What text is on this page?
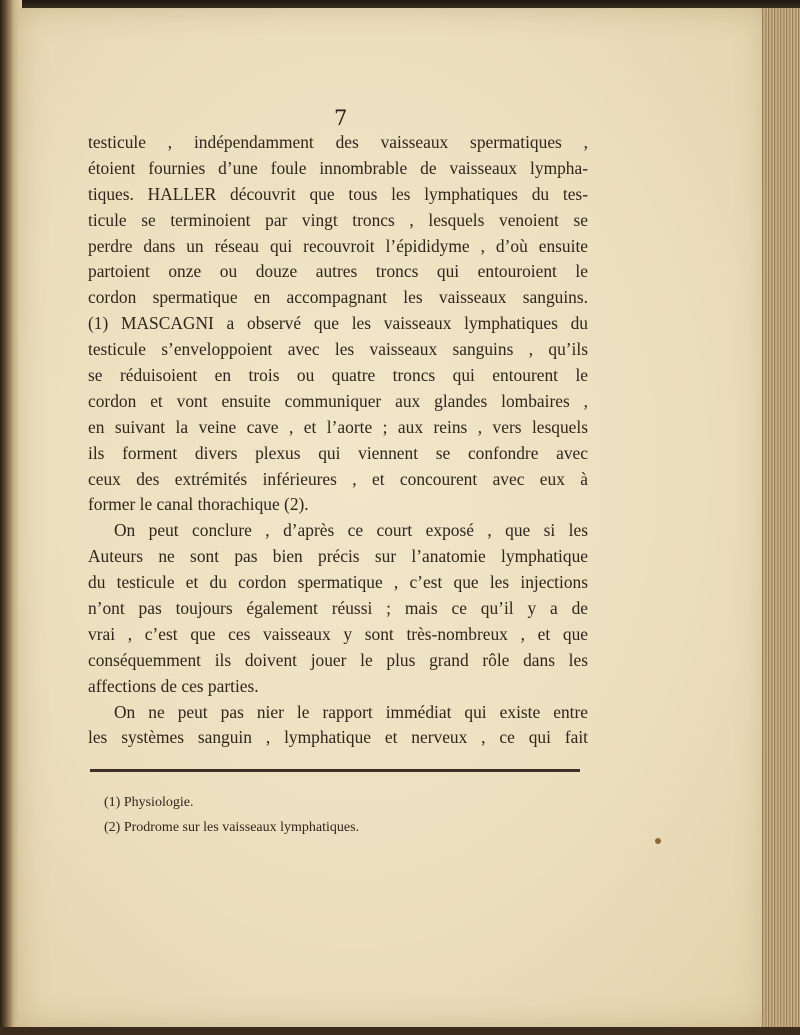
7
testicule , indépendamment des vaisseaux spermatiques ,
étoient fournies d’une foule innombrable de vaisseaux lympha-
tiques. HALLER découvrit que tous les lymphatiques du tes-
ticule se terminoient par vingt troncs , lesquels venoient se
perdre dans un réseau qui recouvroit l’épididyme , d’où ensuite
partoient onze ou douze autres troncs qui entouroient le
cordon spermatique en accompagnant les vaisseaux sanguins.
(1) MASCAGNI a observé que les vaisseaux lymphatiques du
testicule s’enveloppoient avec les vaisseaux sanguins , qu’ils
se réduisoient en trois ou quatre troncs qui entourent le
cordon et vont ensuite communiquer aux glandes lombaires ,
en suivant la veine cave , et l’aorte ; aux reins , vers lesquels
ils forment divers plexus qui viennent se confondre avec
ceux des extrémités inférieures , et concourent avec eux à
former le canal thorachique (2).
On peut conclure , d’après ce court exposé , que si les
Auteurs ne sont pas bien précis sur l’anatomie lymphatique
du testicule et du cordon spermatique , c’est que les injections
n’ont pas toujours également réussi ; mais ce qu’il y a de
vrai , c’est que ces vaisseaux y sont très-nombreux , et que
conséquemment ils doivent jouer le plus grand rôle dans les
affections de ces parties.
On ne peut pas nier le rapport immédiat qui existe entre
les systèmes sanguin , lymphatique et nerveux , ce qui fait
(1) Physiologie.
(2) Prodrome sur les vaisseaux lymphatiques.
